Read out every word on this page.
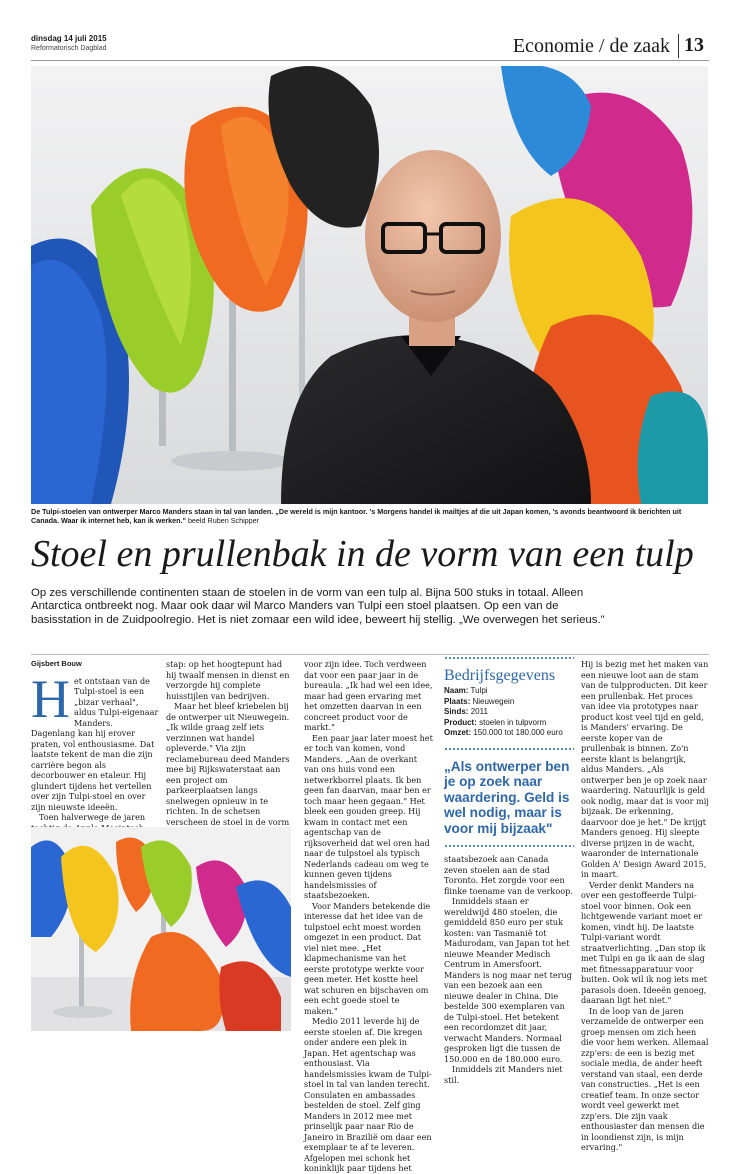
dinsdag 14 juli 2015
Reformatorisch Dagblad	Economie / de zaak 13
De Tulpi-stoelen van ontwerper Marco Manders staan in tal van landen. „De wereld is mijn kantoor. 's Morgens handel ik mailtjes af die uit Japan komen, 's avonds beantwoord ik berichten uit Canada. Waar ik internet heb, kan ik werken." beeld Ruben Schipper
Stoel en prullenbak in de vorm van een tulp
Op zes verschillende continenten staan de stoelen in de vorm van een tulp al. Bijna 500 stuks in totaal. Alleen Antarctica ontbreekt nog. Maar ook daar wil Marco Manders van Tulpi een stoel plaatsen. Op een van de basisstation in de Zuidpoolregio. Het is niet zomaar een wild idee, beweert hij stellig. „We overwegen het serieus."
Gijsbert Bouw
H et ontstaan van de Tulpi-stoel is een „bizar verhaal", aldus Tulpi-eigenaar Manders. Dagenlang kan hij erover praten, vol enthousiasme. Dat laatste tekent de man die zijn carrière begon als decorbouwer en etaleur. Hij glundert tijdens het vertellen over zijn Tulpi-stoel en over zijn nieuwste ideeën.

Toen halverwege de jaren

stap: op het hoogtepunt had hij twaalf mensen in dienst en verzorgde hij complete huisstijlen van bedrijven.

Maar het bleef kriebelen bij de ontwerper uit Nieuwegein. „Ik wilde graag zelf iets verzinnen wat handel opleverde." Via zijn reclamebureau deed Manders mee bij Rijkswaterstaat aan een project om parkeerplaatsen langs snelwegen opnieuw in te richten. In de schetsen verscheen de stoel in de vorm

voor zijn idee. Toch verdween dat voor een paar jaar in de bureaula. „Ik had wel een idee, maar had geen ervaring met het omzetten daarvan in een concreet product voor de markt."

Een paar jaar later moest het er toch van komen, vond Manders. „Aan de overkant van ons huis vond een netwerkborrel plaats. Ik ben geen fan daarvan, maar ben er toch maar heen gegaan." Het bleek een gouden greep. Hij kwam in contact met een agentschap van de rijksoverheid dat wel oren had naar de tulpstoel als typisch Nederlands cadeau om weg te kunnen geven tijdens handelsmissies of staatsbezoeken.

Voor Manders betekende die interesse dat het idee van de tulpstoel echt moest worden omgezet in een product. Dat viel niet mee. „Het klapmechanisme van het eerste prototype werkte voor geen meter. Het kostte heel wat schuren en bijschaven om een echt goede stoel te maken."

Medio 2011 leverde hij de eerste stoelen af. Die kregen onder andere een plek in Japan. Het agentschap was enthousiast. Via handelsmissies kwam de Tulpi-stoel in tal van landen terecht. Consulaten en ambassades bestelden de stoel. Zelf ging Manders in 2012 mee met prinselijk paar naar Rio de Janeiro in Brazilië om daar een exemplaar te af te leveren. Afgelopen mei schonk het koninklijk paar tijdens het

Bedrijfsgegevens
Naam: Tulpi
Plaats: Nieuwegein
Sinds: 2011
Product: stoelen in tulpvorm
Omzet: 150.000 tot 180.000 euro
„Als ontwerper ben je op zoek naar waardering. Geld is wel nodig, maar is voor mij bijzaak"

staatsbezoek aan Canada zeven stoelen aan de stad Toronto. Het zorgde voor een flinke toename van de verkoop.

Inmiddels staan er wereldwijd 480 stoelen, die gemiddeld 850 euro per stuk kosten: van Tasmanië tot Madurodam, van Japan tot het nieuwe Meander Medisch Centrum in Amersfoort. Manders is nog maar net terug van een bezoek aan een nieuwe dealer in China. Die bestelde 300 exemplaren van de Tulpi-stoel. Het betekent een recordomzet dit jaar, verwacht Manders. Normaal gesproken ligt die tussen de 150.000 en de 180.000 euro.

Inmiddels zit Manders niet stil.

Hij is bezig met het maken van een nieuwe loot aan de stam van de tulpproducten. Dit keer een prullenbak. Het proces van idee via prototypes naar product kost veel tijd en geld, is Manders' ervaring. De eerste koper van de prullenbak is binnen. Zo'n eerste klant is belangrijk, aldus Manders. „Als ontwerper ben je op zoek naar waardering. Natuurlijk is geld ook nodig, maar dat is voor mij bijzaak. De erkenning, daarvoor doe je het." De krijgt Manders genoeg. Hij sleepte diverse prijzen in de wacht, waaronder de internationale Golden A' Design Award 2015, in maart.

Verder denkt Manders na over een gestoffeerde Tulpi-stoel voor binnen. Ook een lichtgewende variant moet er komen, vindt hij. De laatste Tulpi-variant wordt straatverlichting. „Dan stop ik met Tulpi en ga ik aan de slag met fitnessapparatuur voor buiten. Ook wil ik nog iets met parasols doen. Ideeën genoeg, daaraan ligt het niet."

In de loop van de jaren verzamelde de ontwerper een groep mensen om zich heen die voor hem werken. Allemaal zzp'ers: de een is bezig met sociale media, de ander heeft verstand van staal, een derde van constructies. „Het is een creatief team. In onze sector wordt veel gewerkt met zzp'ers. Die zijn vaak enthousiaster dan mensen die in loondienst zijn, is mijn ervaring."
